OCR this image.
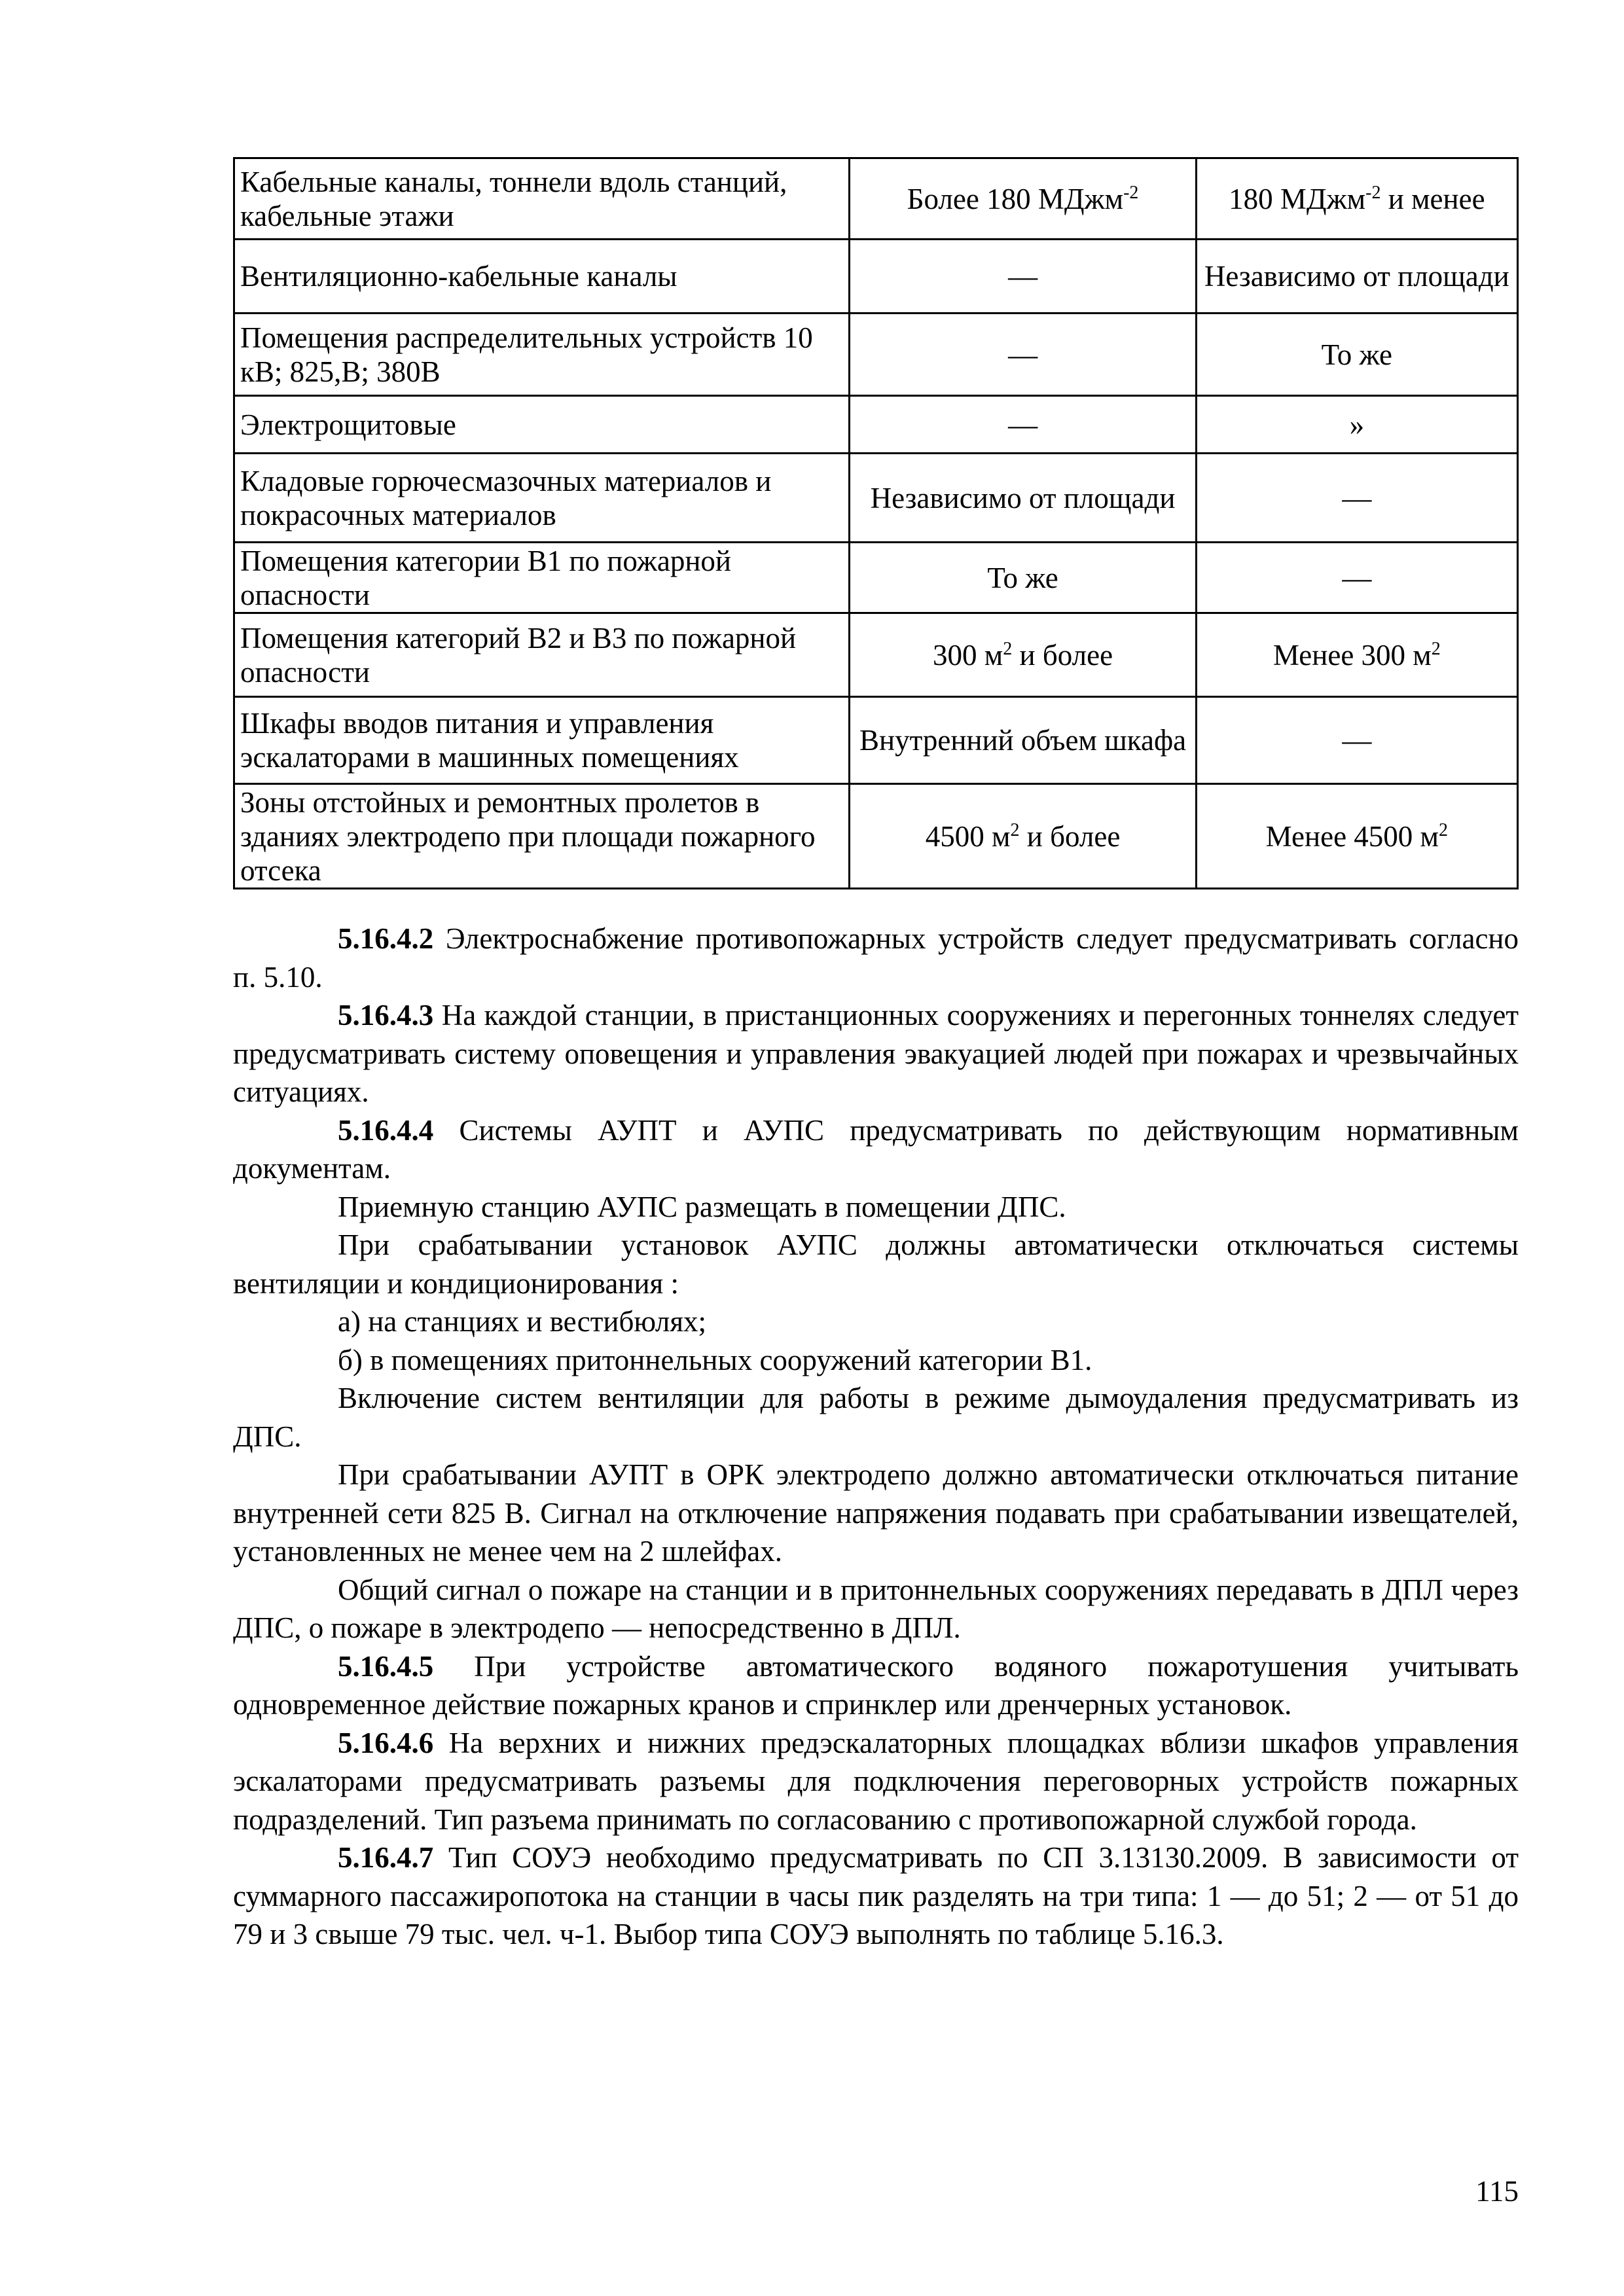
Кабельные каналы, тоннели вдоль станций, кабельные этажи	Более 180 МДжм$^{-2}$	180 МДжм$^{-2}$ и менее
Вентиляционно-кабельные каналы	—	Независимо от площади
Помещения распределительных устройств 10 кВ; 825,В; 380В	—	То же
Электрощитовые	—	»
Кладовые горючесмазочных материалов и покрасочных материалов	Независимо от площади	—
Помещения категории В1 по пожарной опасности	То же	—
Помещения категорий В2 и В3 по пожарной опасности	300 $м^2$ и более	Менее 300 $м^2$
Шкафы вводов питания и управления эскалаторами в машинных помещениях	Внутренний объем шкафа	—
Зоны отстойных и ремонтных пролетов в зданиях электродепо при площади пожарного отсека	4500 $м^2$ и более	Менее 4500 $м^2$

5.16.4.2 Электроснабжение противопожарных устройств следует предусматривать согласно п. 5.10.

5.16.4.3 На каждой станции, в пристанционных сооружениях и перегонных тоннелях следует предусматривать систему оповещения и управления эвакуацией людей при пожарах и чрезвычайных ситуациях.

5.16.4.4 Системы АУПТ и АУПС предусматривать по действующим нормативным документам.

Приемную станцию АУПС размещать в помещении ДПС.

При срабатывании установок АУПС должны автоматически отключаться системы вентиляции и кондиционирования :

а) на станциях и вестибюлях;

б) в помещениях притоннельных сооружений категории В1.

Включение систем вентиляции для работы в режиме дымоудаления предусматривать из ДПС.

При срабатывании АУПТ в ОРК электродепо должно автоматически отключаться питание внутренней сети 825 В. Сигнал на отключение напряжения подавать при срабатывании извещателей, установленных не менее чем на 2 шлейфах.

Общий сигнал о пожаре на станции и в притоннельных сооружениях передавать в ДПЛ через ДПС, о пожаре в электродепо — непосредственно в ДПЛ.

5.16.4.5 При устройстве автоматического водяного пожаротушения учитывать одновременное действие пожарных кранов и спринклер или дренчерных установок.

5.16.4.6 На верхних и нижних предэскалаторных площадках вблизи шкафов управления эскалаторами предусматривать разъемы для подключения переговорных устройств пожарных подразделений. Тип разъема принимать по согласованию с противопожарной службой города.

5.16.4.7 Тип СОУЭ необходимо предусматривать по СП 3.13130.2009. В зависимости от суммарного пассажиропотока на станции в часы пик разделять на три типа: 1 — до 51; 2 — от 51 до 79 и 3 свыше 79 тыс. чел. ч-1. Выбор типа СОУЭ выполнять по таблице 5.16.3.

115
